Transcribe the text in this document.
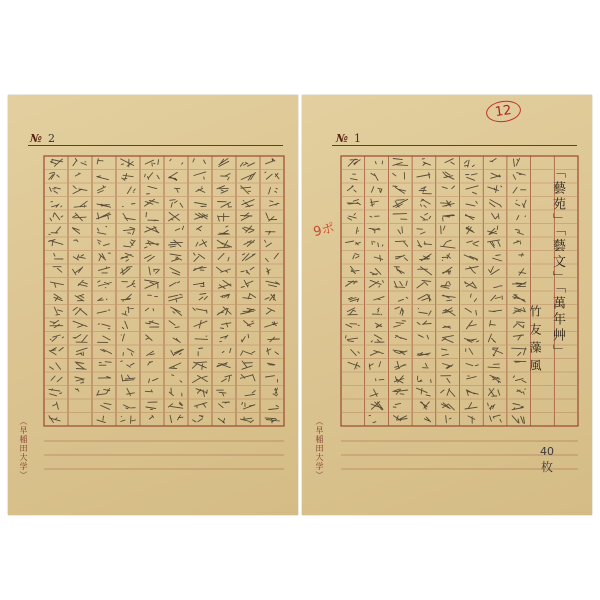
№ 2
（早稲田大学）
№ 1
12
9ポ	「藝苑」「藝文」「萬年艸」
竹友藻風
（早稲田大学）	40
枚
